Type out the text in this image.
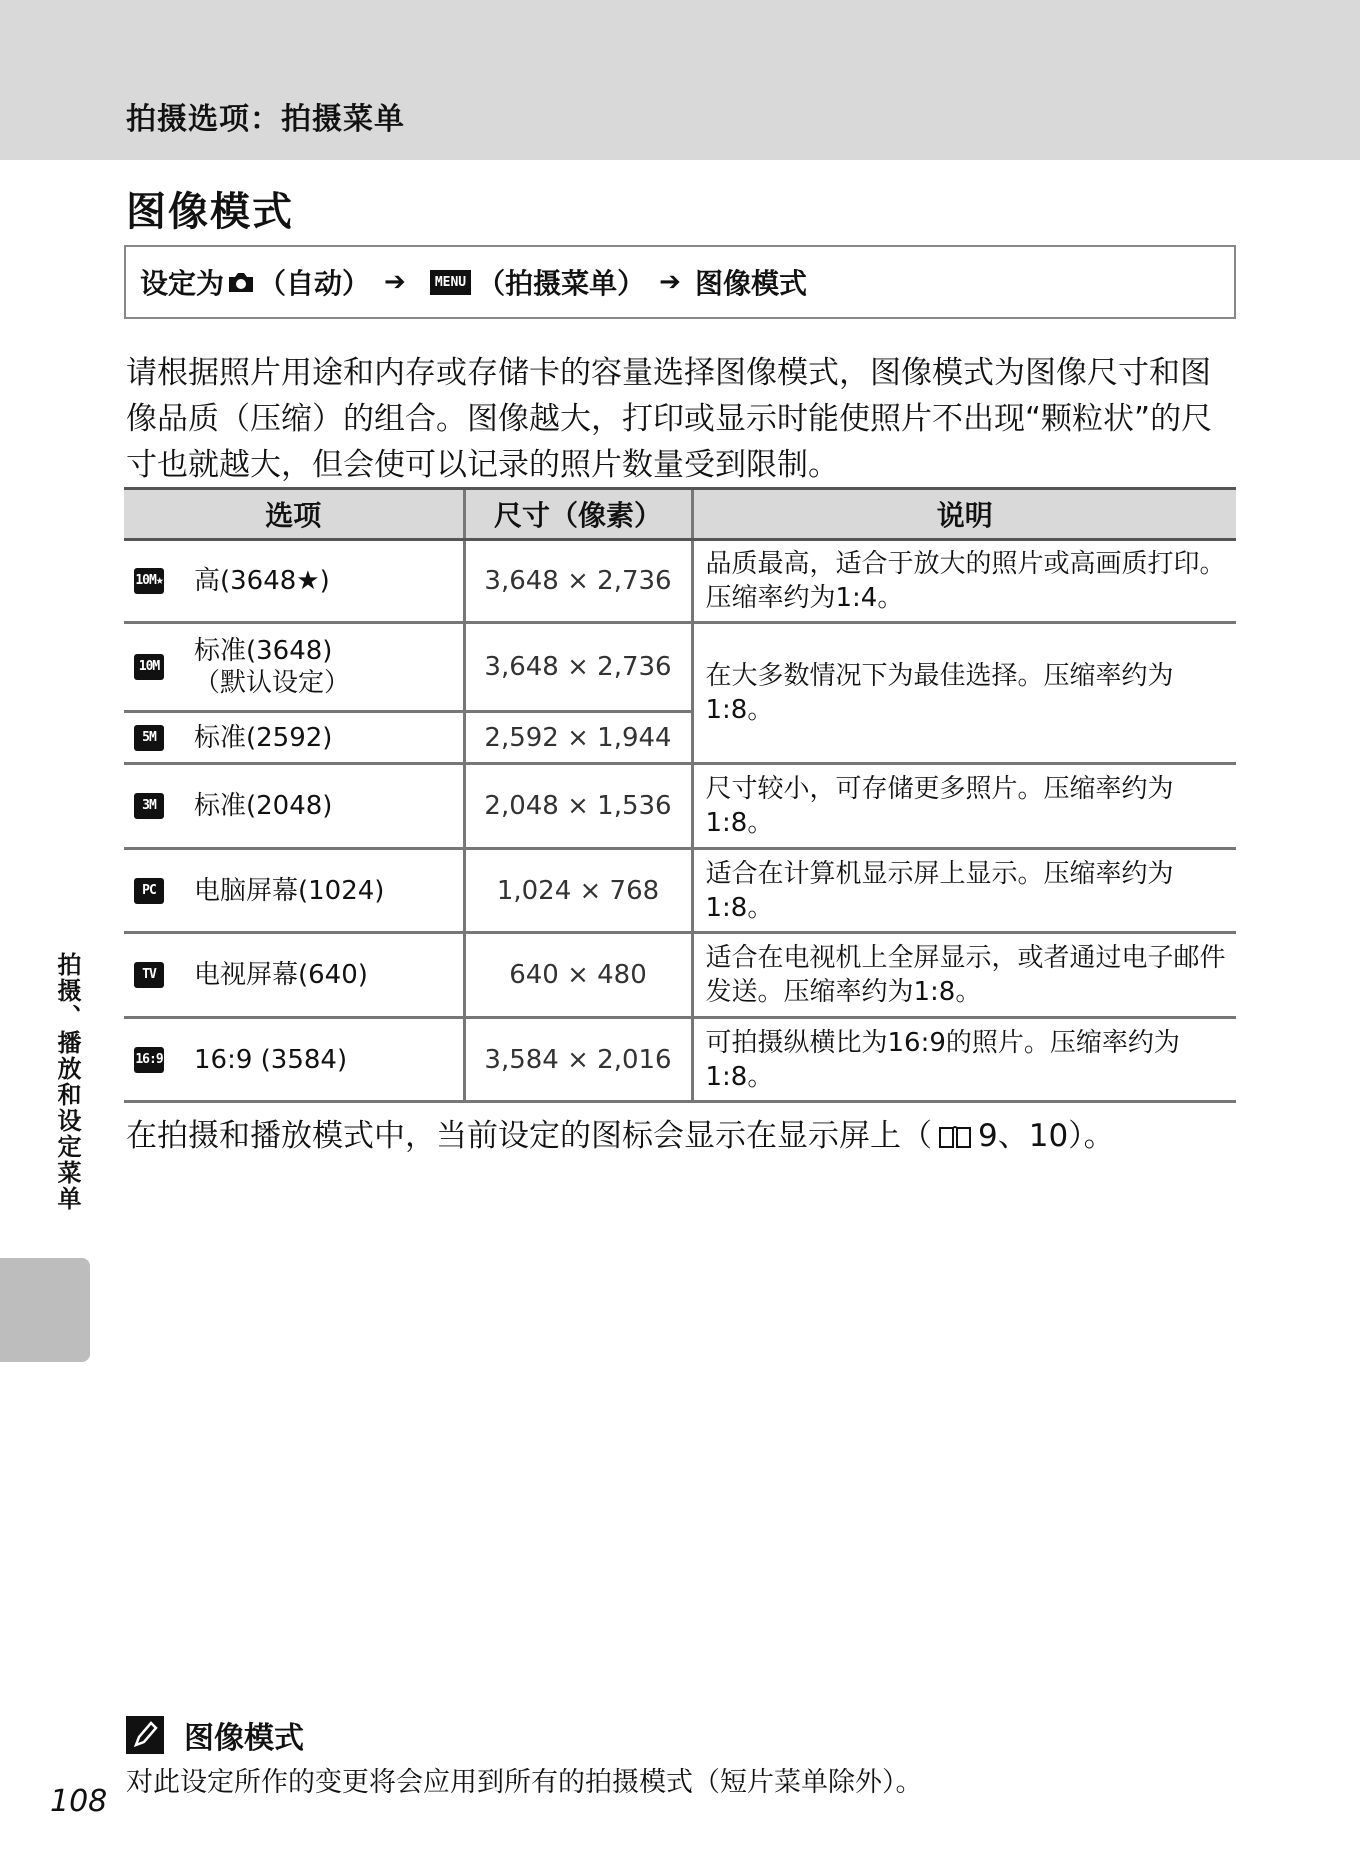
拍摄选项：拍摄菜单
图像模式
设定为 （自动） ➔	MENU （拍摄菜单） ➔ 图像模式

请根据照片用途和内存或存储卡的容量选择图像模式，图像模式为图像尺寸和图像品质（压缩）的组合。图像越大，打印或显示时能使照片不出现“颗粒状”的尺寸也就越大，但会使可以记录的照片数量受到限制。

选项	尺寸（像素）	说明

10M★ 高(3648★)	3,648 × 2,736	品质最高，适合于放大的照片或高画质打印。压缩率约为1:4。

10M
标准(3648)
（默认设定）	3,648 × 2,736	在大多数情况下为最佳选择。压缩率约为1:8。

5M 标准(2592)	2,592 × 1,944	

3M 标准(2048)	2,048 × 1,536	尺寸较小，可存储更多照片。压缩率约为1:8。

PC 电脑屏幕(1024)	1,024 × 768	适合在计算机显示屏上显示。压缩率约为1:8。

TV 电视屏幕(640)	640 × 480	适合在电视机上全屏显示，或者通过电子邮件发送。压缩率约为1:8。

16:9 16:9 (3584)	3,584 × 2,016	可拍摄纵横比为16:9的照片。压缩率约为1:8。

在拍摄和播放模式中，当前设定的图标会显示在显示屏上（ 9、10）。

拍摄、播放和设定菜单

图像模式

对此设定所作的变更将会应用到所有的拍摄模式（短片菜单除外）。

108
